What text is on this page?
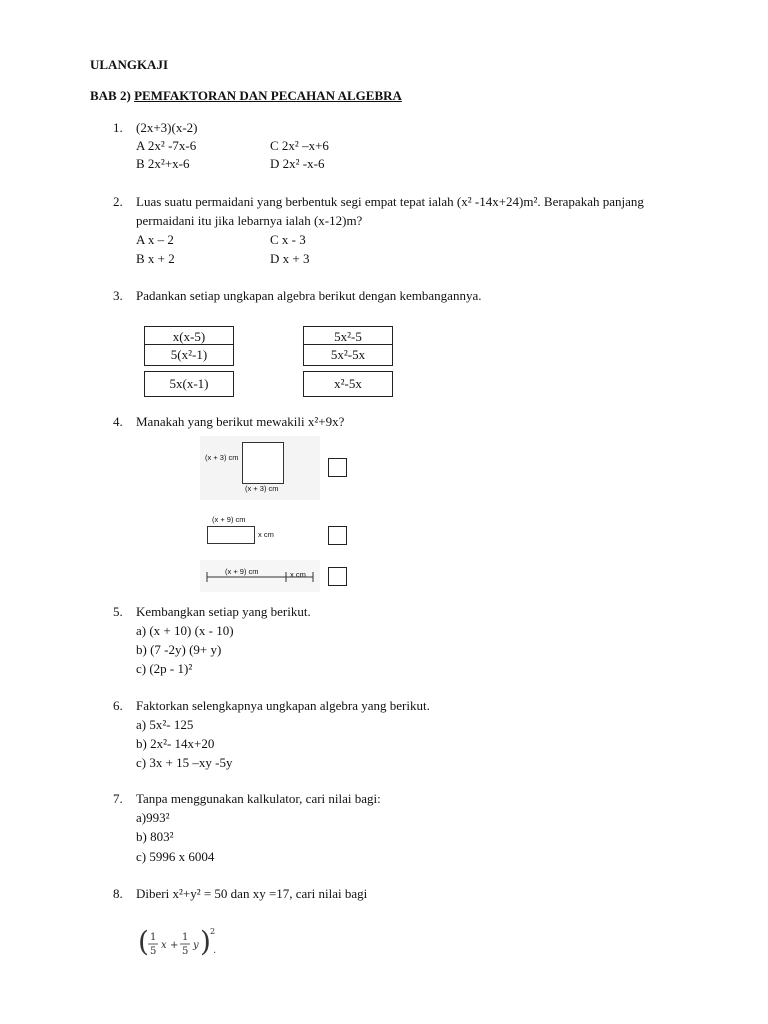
ULANGKAJI
BAB 2) PEMFAKTORAN DAN PECAHAN ALGEBRA
1. (2x+3)(x-2)
A 2x² -7x-6	C 2x² –x+6
B 2x²+x-6	D 2x² -x-6
2. Luas suatu permaidani yang berbentuk segi empat tepat ialah (x² -14x+24)m². Berapakah panjang
permaidani itu jika lebarnya ialah (x-12)m?
A x – 2	C x - 3
B x + 2	D x + 3
3. Padankan setiap ungkapan algebra berikut dengan kembangannya.
x(x-5)
5(x²-1)
5x(x-1)
5x²-5
5x²-5x
x²-5x
4. Manakah yang berikut mewakili x²+9x?
(x + 3) cm
(x + 3) cm
(x + 9) cm
x cm
(x + 9) cm	x cm
5. Kembangkan setiap yang berikut.
a) (x + 10) (x - 10)
b) (7 -2y) (9+ y)
c) (2p - 1)²
6. Faktorkan selengkapnya ungkapan algebra yang berikut.
a) 5x²- 125
b) 2x²- 14x+20
c) 3x + 15 –xy -5y
7. Tanpa menggunakan kalkulator, cari nilai bagi:
a)993²
b) 803²
c) 5996 x 6004
8. Diberi x²+y² = 50 dan xy =17, cari nilai bagi
( 1
5
x +
1
5
y ) 2
.
